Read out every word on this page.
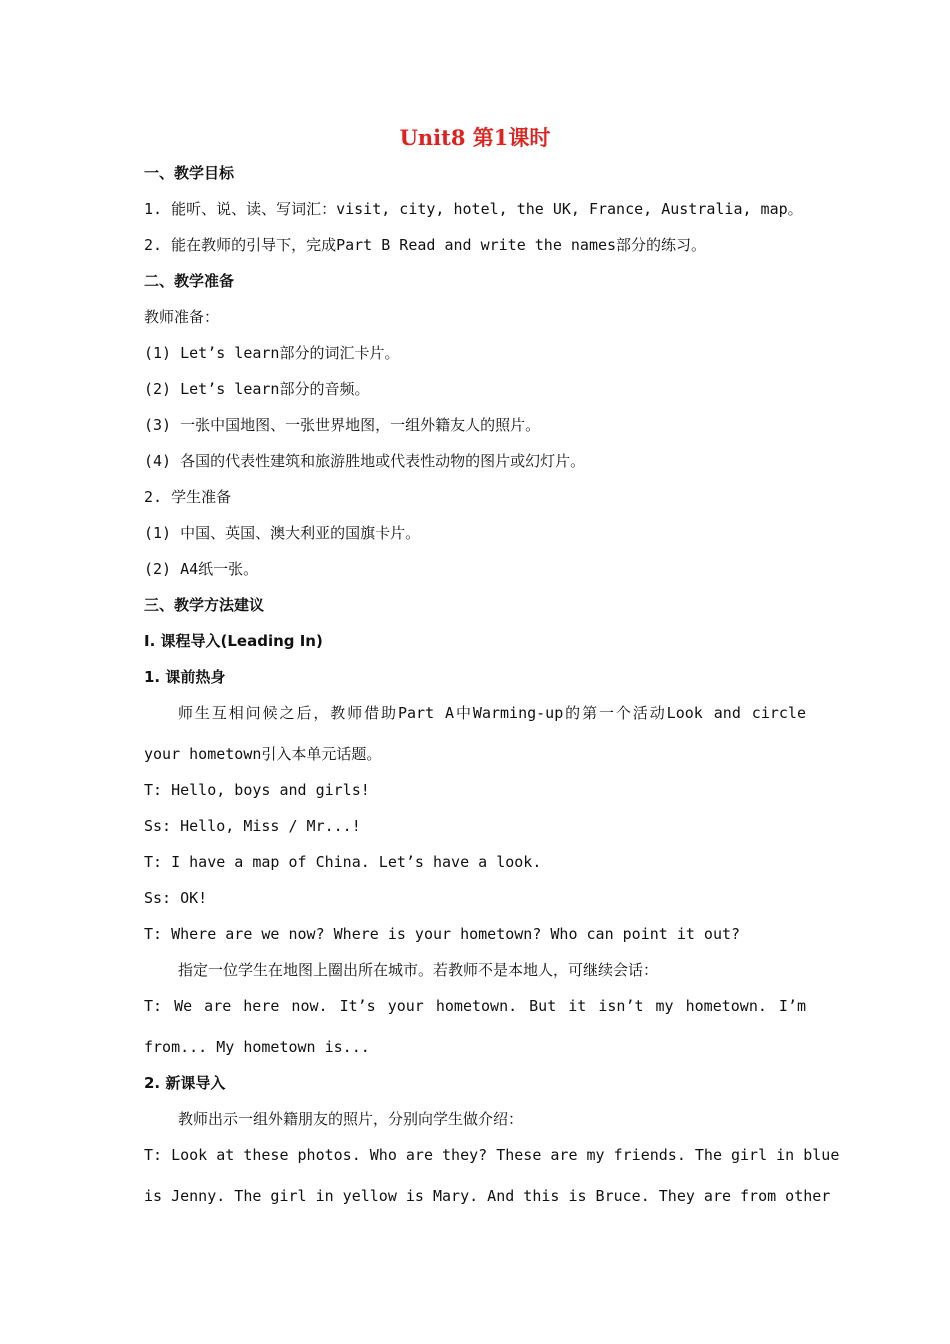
Unit8 第1课时
一、教学目标
1. 能听、说、读、写词汇：visit, city, hotel, the UK, France, Australia, map。
2. 能在教师的引导下，完成Part B Read and write the names部分的练习。
二、教学准备
教师准备：
(1) Let’s learn部分的词汇卡片。
(2) Let’s learn部分的音频。
(3) 一张中国地图、一张世界地图，一组外籍友人的照片。
(4) 各国的代表性建筑和旅游胜地或代表性动物的图片或幻灯片。
2. 学生准备
(1) 中国、英国、澳大利亚的国旗卡片。
(2) A4纸一张。
三、教学方法建议
I. 课程导入(Leading In)
1. 课前热身
师生互相问候之后，教师借助Part A中Warming-up的第一个活动Look and circle
your hometown引入本单元话题。
T: Hello, boys and girls!
Ss: Hello, Miss / Mr...!
T: I have a map of China. Let’s have a look.
Ss: OK!
T: Where are we now? Where is your hometown? Who can point it out?
指定一位学生在地图上圈出所在城市。若教师不是本地人，可继续会话：
T: We are here now. It’s your hometown. But it isn’t my hometown. I’m
from... My hometown is...
2. 新课导入
教师出示一组外籍朋友的照片，分别向学生做介绍：
T: Look at these photos. Who are they? These are my friends. The girl in blue
is Jenny. The girl in yellow is Mary. And this is Bruce. They are from other
